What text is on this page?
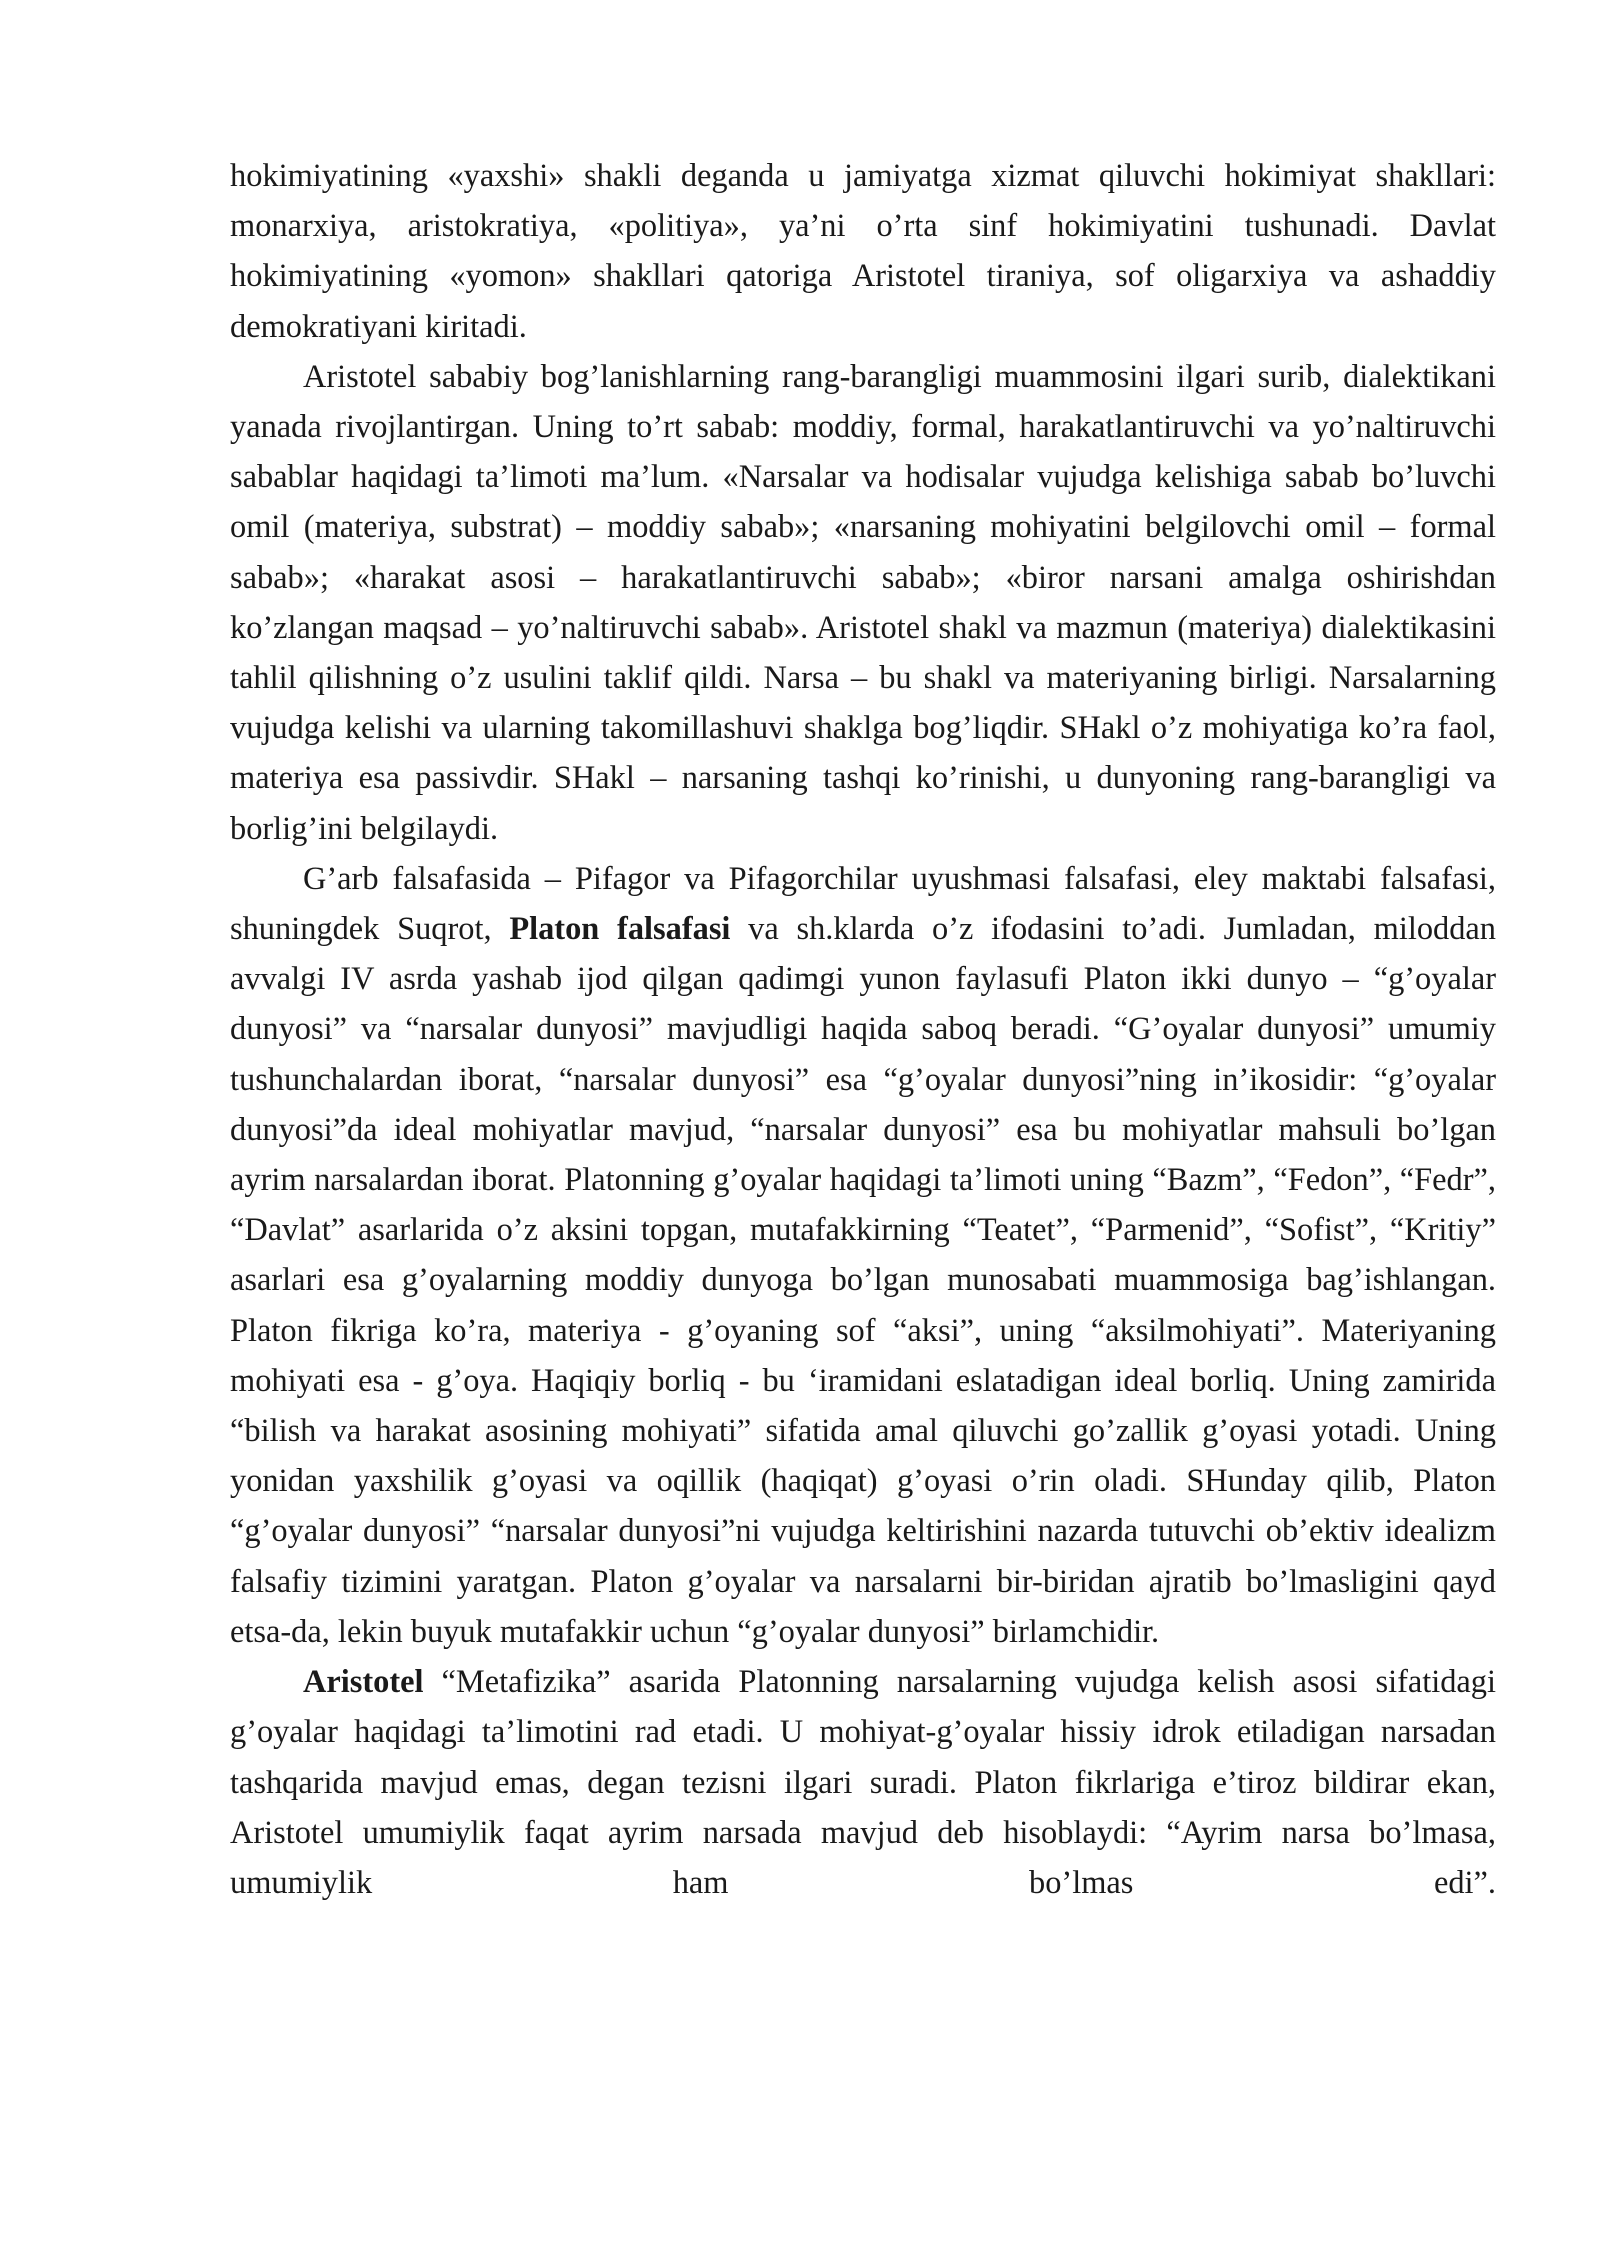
hokimiyatining «yaxshi» shakli deganda u jamiyatga xizmat qiluvchi hokimiyat shakllari: monarxiya, aristokratiya, «politiya», ya’ni o’rta sinf hokimiyatini tushunadi. Davlat hokimiyatining «yomon» shakllari qatoriga Aristotel tiraniya, sof oligarxiya va ashaddiy demokratiyani kiritadi.

Aristotel sababiy bog’lanishlarning rang-barangligi muammosini ilgari surib, dialektikani yanada rivojlantirgan. Uning to’rt sabab: moddiy, formal, harakatlantiruvchi va yo’naltiruvchi sabablar haqidagi ta’limoti ma’lum. «Narsalar va hodisalar vujudga kelishiga sabab bo’luvchi omil (materiya, substrat) – moddiy sabab»; «narsaning mohiyatini belgilovchi omil – formal sabab»; «harakat asosi – harakatlantiruvchi sabab»; «biror narsani amalga oshirishdan ko’zlangan maqsad – yo’naltiruvchi sabab». Aristotel shakl va mazmun (materiya) dialektikasini tahlil qilishning o’z usulini taklif qildi. Narsa – bu shakl va materiyaning birligi. Narsalarning vujudga kelishi va ularning takomillashuvi shaklga bog’liqdir. SHakl o’z mohiyatiga ko’ra faol, materiya esa passivdir. SHakl – narsaning tashqi ko’rinishi, u dunyoning rang-barangligi va borlig’ini belgilaydi.

G’arb falsafasida – Pifagor va Pifagorchilar uyushmasi falsafasi, eley maktabi falsafasi, shuningdek Suqrot, Platon falsafasi va sh.klarda o’z ifodasini to’adi. Jumladan, miloddan avvalgi IV asrda yashab ijod qilgan qadimgi yunon faylasufi Platon ikki dunyo – “g’oyalar dunyosi” va “narsalar dunyosi” mavjudligi haqida saboq beradi. “G’oyalar dunyosi” umumiy tushunchalardan iborat, “narsalar dunyosi” esa “g’oyalar dunyosi”ning in’ikosidir: “g’oyalar dunyosi”da ideal mohiyatlar mavjud, “narsalar dunyosi” esa bu mohiyatlar mahsuli bo’lgan ayrim narsalardan iborat. Platonning g’oyalar haqidagi ta’limoti uning “Bazm”, “Fedon”, “Fedr”, “Davlat” asarlarida o’z aksini topgan, mutafakkirning “Teatet”, “Parmenid”, “Sofist”, “Kritiy” asarlari esa g’oyalarning moddiy dunyoga bo’lgan munosabati muammosiga bag’ishlangan. Platon fikriga ko’ra, materiya - g’oyaning sof “aksi”, uning “aksilmohiyati”. Materiyaning mohiyati esa - g’oya. Haqiqiy borliq - bu ‘iramidani eslatadigan ideal borliq. Uning zamirida “bilish va harakat asosining mohiyati” sifatida amal qiluvchi go’zallik g’oyasi yotadi. Uning yonidan yaxshilik g’oyasi va oqillik (haqiqat) g’oyasi o’rin oladi. SHunday qilib, Platon “g’oyalar dunyosi” “narsalar dunyosi”ni vujudga keltirishini nazarda tutuvchi ob’ektiv idealizm falsafiy tizimini yaratgan. Platon g’oyalar va narsalarni bir-biridan ajratib bo’lmasligini qayd etsa-da, lekin buyuk mutafakkir uchun “g’oyalar dunyosi” birlamchidir.

Aristotel “Metafizika” asarida Platonning narsalarning vujudga kelish asosi sifatidagi g’oyalar haqidagi ta’limotini rad etadi. U mohiyat-g’oyalar hissiy idrok etiladigan narsadan tashqarida mavjud emas, degan tezisni ilgari suradi. Platon fikrlariga e’tiroz bildirar ekan, Aristotel umumiylik faqat ayrim narsada mavjud deb hisoblaydi: “Ayrim narsa bo’lmasa, umumiylik ham bo’lmas edi”.
